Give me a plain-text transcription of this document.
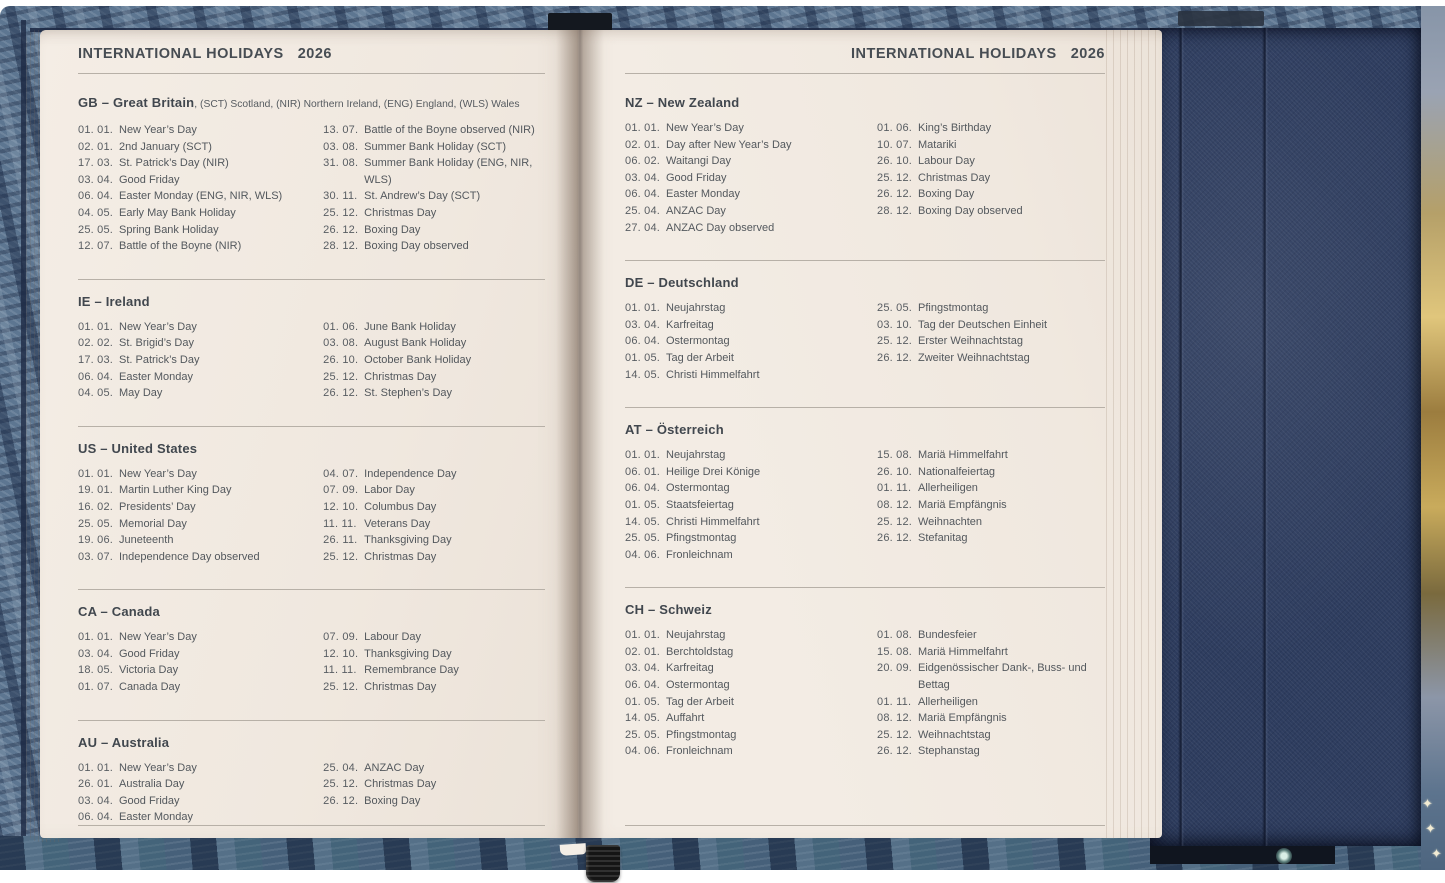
✦
✦
✦
INTERNATIONAL HOLIDAYS 2026
GB – Great Britain, (SCT) Scotland, (NIR) Northern Ireland, (ENG) England, (WLS) Wales
01. 01. New Year’s Day
02. 01. 2nd January (SCT)
17. 03. St. Patrick’s Day (NIR)
03. 04. Good Friday
06. 04. Easter Monday (ENG, NIR, WLS)
04. 05. Early May Bank Holiday
25. 05. Spring Bank Holiday
12. 07. Battle of the Boyne (NIR)
13. 07. Battle of the Boyne observed (NIR)
03. 08. Summer Bank Holiday (SCT)
31. 08. Summer Bank Holiday (ENG, NIR, WLS)
30. 11. St. Andrew’s Day (SCT)
25. 12. Christmas Day
26. 12. Boxing Day
28. 12. Boxing Day observed
IE – Ireland
01. 01. New Year’s Day
02. 02. St. Brigid’s Day
17. 03. St. Patrick’s Day
06. 04. Easter Monday
04. 05. May Day
01. 06. June Bank Holiday
03. 08. August Bank Holiday
26. 10. October Bank Holiday
25. 12. Christmas Day
26. 12. St. Stephen’s Day
US – United States
01. 01. New Year’s Day
19. 01. Martin Luther King Day
16. 02. Presidents’ Day
25. 05. Memorial Day
19. 06. Juneteenth
03. 07. Independence Day observed
04. 07. Independence Day
07. 09. Labor Day
12. 10. Columbus Day
11. 11. Veterans Day
26. 11. Thanksgiving Day
25. 12. Christmas Day
CA – Canada
01. 01. New Year’s Day
03. 04. Good Friday
18. 05. Victoria Day
01. 07. Canada Day
07. 09. Labour Day
12. 10. Thanksgiving Day
11. 11. Remembrance Day
25. 12. Christmas Day
AU – Australia
01. 01. New Year’s Day
26. 01. Australia Day
03. 04. Good Friday
06. 04. Easter Monday
25. 04. ANZAC Day
25. 12. Christmas Day
26. 12. Boxing Day
INTERNATIONAL HOLIDAYS 2026
NZ – New Zealand
01. 01. New Year’s Day
02. 01. Day after New Year’s Day
06. 02. Waitangi Day
03. 04. Good Friday
06. 04. Easter Monday
25. 04. ANZAC Day
27. 04. ANZAC Day observed
01. 06. King’s Birthday
10. 07. Matariki
26. 10. Labour Day
25. 12. Christmas Day
26. 12. Boxing Day
28. 12. Boxing Day observed
DE – Deutschland
01. 01. Neujahrstag
03. 04. Karfreitag
06. 04. Ostermontag
01. 05. Tag der Arbeit
14. 05. Christi Himmelfahrt
25. 05. Pfingstmontag
03. 10. Tag der Deutschen Einheit
25. 12. Erster Weihnachtstag
26. 12. Zweiter Weihnachtstag
AT – Österreich
01. 01. Neujahrstag
06. 01. Heilige Drei Könige
06. 04. Ostermontag
01. 05. Staatsfeiertag
14. 05. Christi Himmelfahrt
25. 05. Pfingstmontag
04. 06. Fronleichnam
15. 08. Mariä Himmelfahrt
26. 10. Nationalfeiertag
01. 11. Allerheiligen
08. 12. Mariä Empfängnis
25. 12. Weihnachten
26. 12. Stefanitag
CH – Schweiz
01. 01. Neujahrstag
02. 01. Berchtoldstag
03. 04. Karfreitag
06. 04. Ostermontag
01. 05. Tag der Arbeit
14. 05. Auffahrt
25. 05. Pfingstmontag
04. 06. Fronleichnam
01. 08. Bundesfeier
15. 08. Mariä Himmelfahrt
20. 09. Eidgenössischer Dank-, Buss- und Bettag
01. 11. Allerheiligen
08. 12. Mariä Empfängnis
25. 12. Weihnachtstag
26. 12. Stephanstag
